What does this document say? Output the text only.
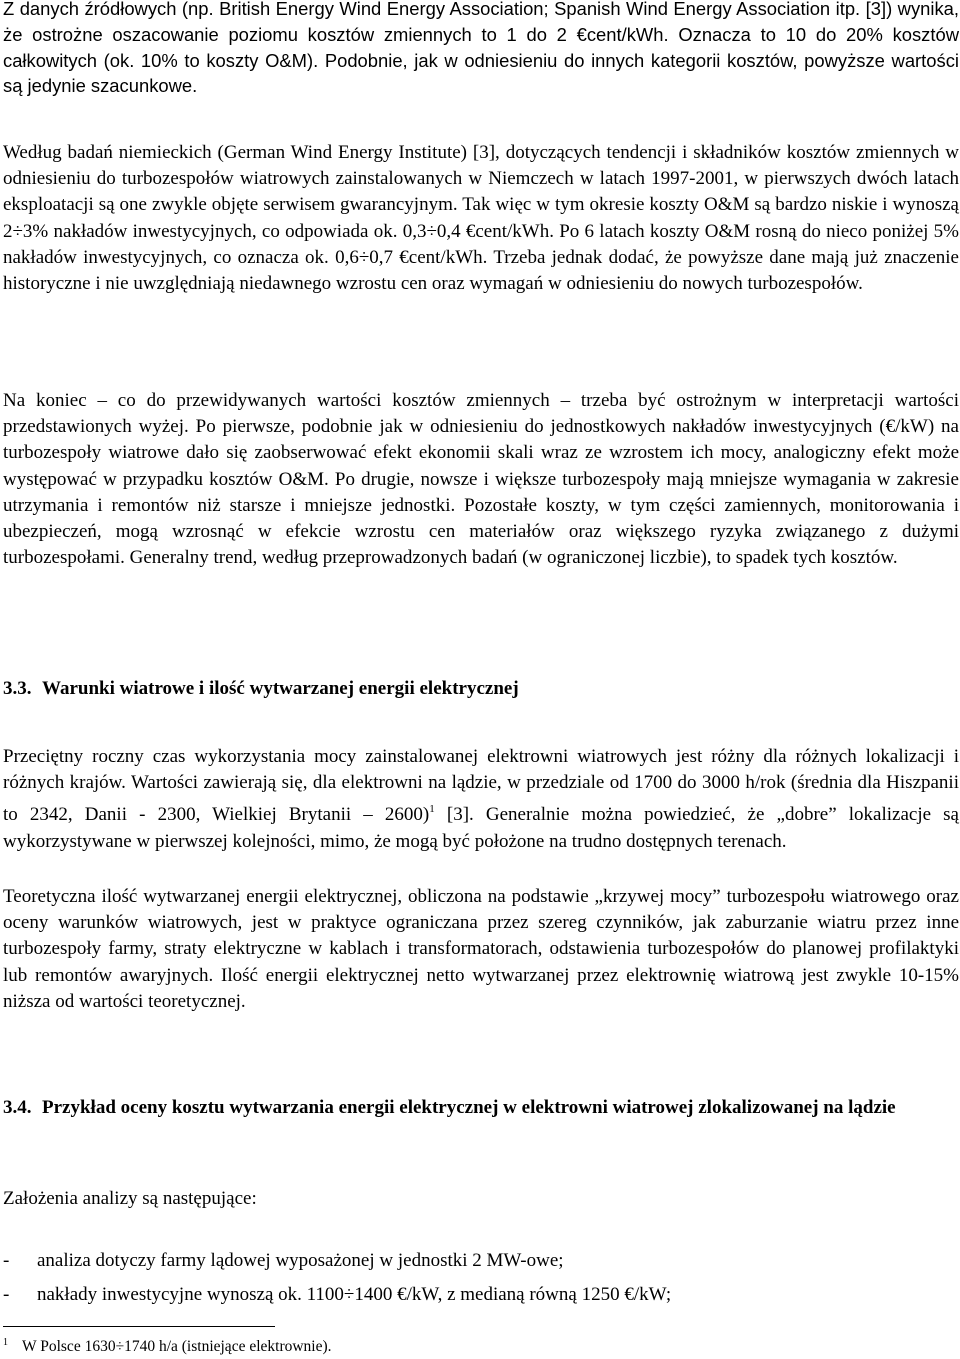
Z danych źródłowych (np. British Energy Wind Energy Association; Spanish Wind Energy Association itp. [3]) wynika, że ostrożne oszacowanie poziomu kosztów zmiennych to 1 do 2 €cent/kWh. Oznacza to 10 do 20% kosztów całkowitych (ok. 10% to koszty O&M). Podobnie, jak w odniesieniu do innych kategorii kosztów, powyższe wartości są jedynie szacunkowe.

Według badań niemieckich (German Wind Energy Institute) [3], dotyczących tendencji i składników kosztów zmiennych w odniesieniu do turbozespołów wiatrowych zainstalowanych w Niemczech w latach 1997-2001, w pierwszych dwóch latach eksploatacji są one zwykle objęte serwisem gwarancyjnym. Tak więc w tym okresie koszty O&M są bardzo niskie i wynoszą 2÷3% nakładów inwestycyjnych, co odpowiada ok. 0,3÷0,4 €cent/kWh. Po 6 latach koszty O&M rosną do nieco poniżej 5% nakładów inwestycyjnych, co oznacza ok. 0,6÷0,7 €cent/kWh. Trzeba jednak dodać, że powyższe dane mają już znaczenie historyczne i nie uwzględniają niedawnego wzrostu cen oraz wymagań w odniesieniu do nowych turbozespołów.

Na koniec – co do przewidywanych wartości kosztów zmiennych – trzeba być ostrożnym w interpretacji wartości przedstawionych wyżej. Po pierwsze, podobnie jak w odniesieniu do jednostkowych nakładów inwestycyjnych (€/kW) na turbozespoły wiatrowe dało się zaobserwować efekt ekonomii skali wraz ze wzrostem ich mocy, analogiczny efekt może występować w przypadku kosztów O&M. Po drugie, nowsze i większe turbozespoły mają mniejsze wymagania w zakresie utrzymania i remontów niż starsze i mniejsze jednostki. Pozostałe koszty, w tym części zamiennych, monitorowania i ubezpieczeń, mogą wzrosnąć w efekcie wzrostu cen materiałów oraz większego ryzyka związanego z dużymi turbozespołami. Generalny trend, według przeprowadzonych badań (w ograniczonej liczbie), to spadek tych kosztów.

3.3. Warunki wiatrowe i ilość wytwarzanej energii elektrycznej

Przeciętny roczny czas wykorzystania mocy zainstalowanej elektrowni wiatrowych jest różny dla różnych lokalizacji i różnych krajów. Wartości zawierają się, dla elektrowni na lądzie, w przedziale od 1700 do 3000 h/rok (średnia dla Hiszpanii to 2342, Danii - 2300, Wielkiej Brytanii – 2600)$^1$ [3]. Generalnie można powiedzieć, że „dobre” lokalizacje są wykorzystywane w pierwszej kolejności, mimo, że mogą być położone na trudno dostępnych terenach.

Teoretyczna ilość wytwarzanej energii elektrycznej, obliczona na podstawie „krzywej mocy” turbozespołu wiatrowego oraz oceny warunków wiatrowych, jest w praktyce ograniczana przez szereg czynników, jak zaburzanie wiatru przez inne turbozespoły farmy, straty elektryczne w kablach i transformatorach, odstawienia turbozespołów do planowej profilaktyki lub remontów awaryjnych. Ilość energii elektrycznej netto wytwarzanej przez elektrownię wiatrową jest zwykle 10-15% niższa od wartości teoretycznej.

3.4. Przykład oceny kosztu wytwarzania energii elektrycznej w elektrowni wiatrowej zlokalizowanej na lądzie

Założenia analizy są następujące:

- analiza dotyczy farmy lądowej wyposażonej w jednostki 2 MW-owe;
- nakłady inwestycyjne wynoszą ok. 1100÷1400 €/kW, z medianą równą 1250 €/kW;
$^1$ W Polsce 1630÷1740 h/a (istniejące elektrownie).
